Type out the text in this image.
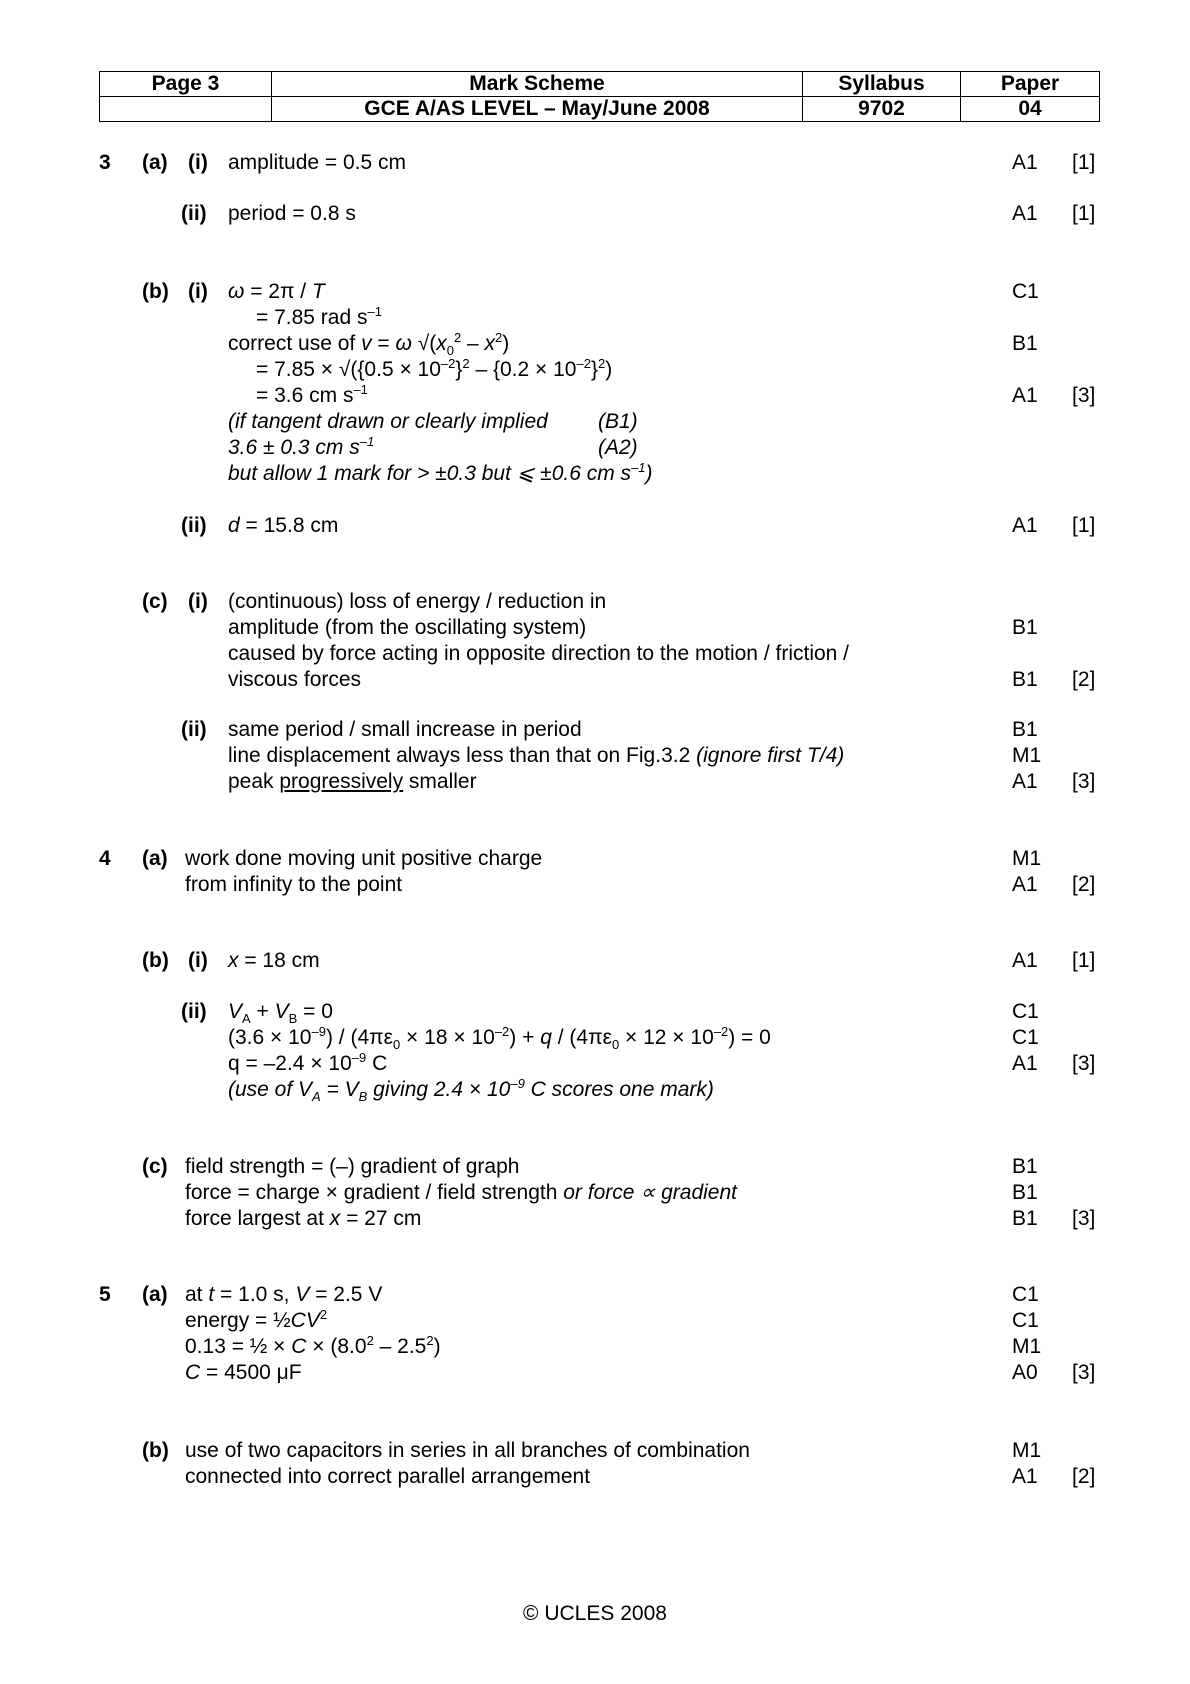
Page 3	Mark Scheme	Syllabus	Paper
	GCE A/AS LEVEL – May/June 2008	9702	04
3 (a) (i) amplitude = 0.5 cm	A1 [1]
(ii) period = 0.8 s	A1 [1]
(b) (i) ω = 2π / T	C1
= 7.85 rad $s^{-1}$
correct use of v = ω $√(x_0^2 - x^2)$	B1
= $7.85 \times √(\{0.5 \times 10^{-2}\}^2 - \{0.2 \times 10^{-2}\}^2)$
= 3.6 cm $s^{-1}$	A1 [3]
(if tangent drawn or clearly implied (B1)
3.6 ± 0.3 cm $s^{-1}$	(A2)
but allow 1 mark for > ±0.3 but ⩽ ±0.6 cm $s^{-1}$)
(ii) d = 15.8 cm	A1 [1]
(c) (i) (continuous) loss of energy / reduction in
amplitude (from the oscillating system)	B1
caused by force acting in opposite direction to the motion / friction /
viscous forces	B1 [2]
(ii) same period / small increase in period	B1
line displacement always less than that on Fig.3.2 (ignore first T/4)	M1
peak progressively smaller	A1 [3]
4 (a) work done moving unit positive charge	M1
from infinity to the point	A1 [2]
(b) (i) x = 18 cm	A1 [1]
(ii) $V_A + V_B = 0$	C1
$(3.6 \times 10^{-9}) / (4\pi\varepsilon_0 \times 18 \times 10^{-2}) + q / (4\pi\varepsilon_0 \times 12 \times 10^{-2}) = 0$	C1
$q = -2.4 \times 10^{-9}$ C	A1 [3]
(use of $V_A = V_B$ giving $2.4 \times 10^{-9}$ C scores one mark)
(c) field strength = (–) gradient of graph	B1
force = charge × gradient / field strength or force ∝ gradient	B1
force largest at x = 27 cm	B1 [3]
5 (a) at t = 1.0 s, V = 2.5 V	C1
energy = $\frac{1}{2}CV^2$	C1
0.13 = ½ × $C \times (8.0^2 - 2.5^2)$	M1
C = 4500 μF	A0 [3]
(b) use of two capacitors in series in all branches of combination	M1
connected into correct parallel arrangement	A1 [2]
© UCLES 2008
